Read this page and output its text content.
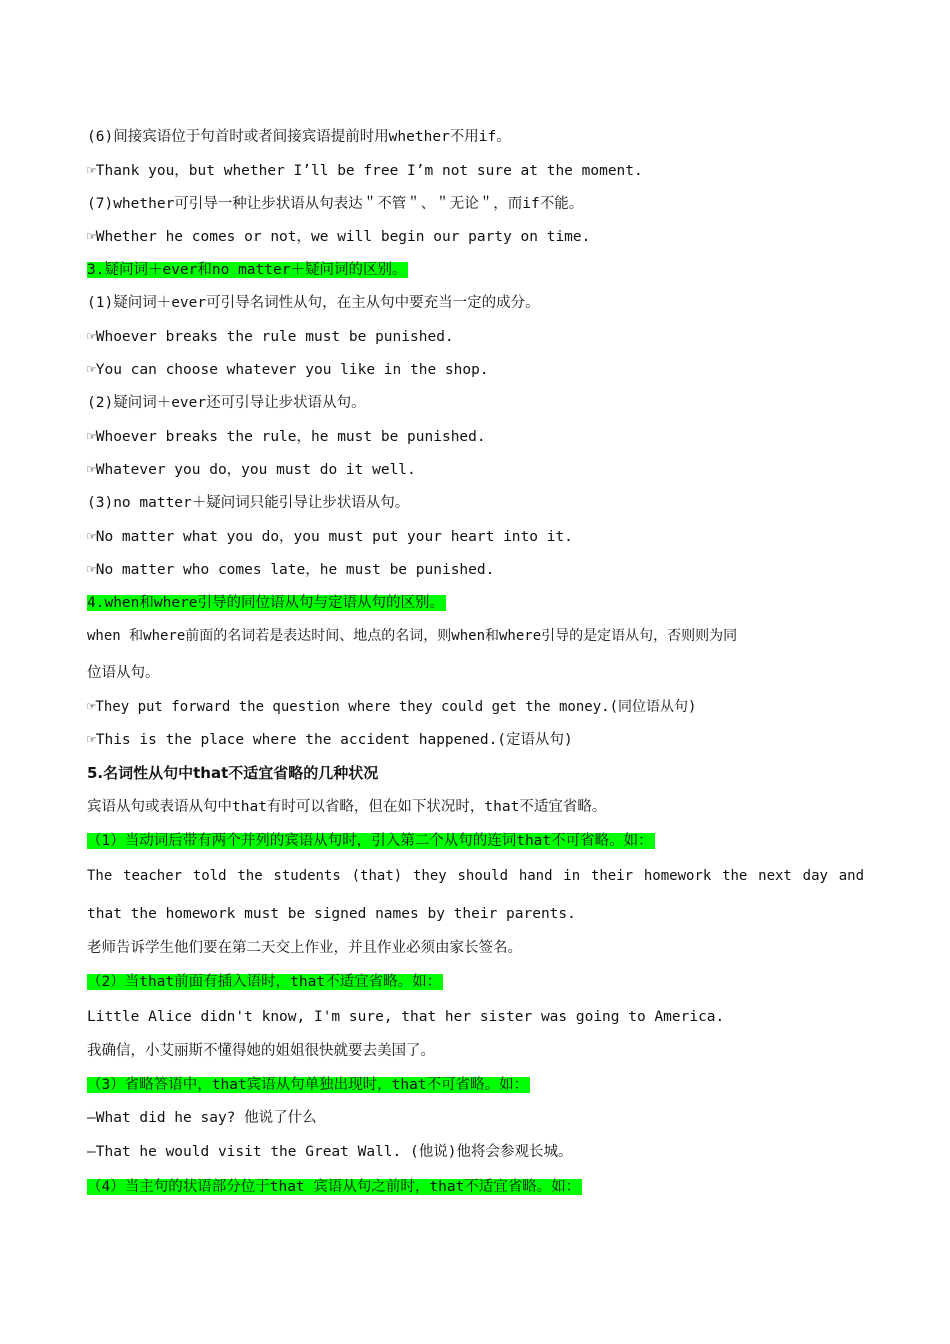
(6)间接宾语位于句首时或者间接宾语提前时用whether不用if。
☞Thank you，but whether I’ll be free I’m not sure at the moment.
(7)whether可引导一种让步状语从句表达＂不管＂、＂无论＂，而if不能。
☞Whether he comes or not，we will begin our party on time.
3.疑问词＋ever和no matter＋疑问词的区别。
(1)疑问词＋ever可引导名词性从句，在主从句中要充当一定的成分。
☞Whoever breaks the rule must be punished.
☞You can choose whatever you like in the shop.
(2)疑问词＋ever还可引导让步状语从句。
☞Whoever breaks the rule，he must be punished.
☞Whatever you do，you must do it well.
(3)no matter＋疑问词只能引导让步状语从句。
☞No matter what you do，you must put your heart into it.
☞No matter who comes late，he must be punished.
4.when和where引导的同位语从句与定语从句的区别。
when 和where前面的名词若是表达时间、地点的名词，则when和where引导的是定语从句，否则则为同
位语从句。
☞They put forward the question where they could get the money.(同位语从句)
☞This is the place where the accident happened.(定语从句)
5.名词性从句中that不适宜省略的几种状况
宾语从句或表语从句中that有时可以省略，但在如下状况时，that不适宜省略。
（1）当动词后带有两个并列的宾语从句时，引入第二个从句的连词that不可省略。如：
The teacher told the students (that) they should hand in their homework the next day and
that the homework must be signed names by their parents.
老师告诉学生他们要在第二天交上作业，并且作业必须由家长签名。
（2）当that前面有插入语时，that不适宜省略。如：
Little Alice didn't know, I'm sure, that her sister was going to America.
我确信，小艾丽斯不懂得她的姐姐很快就要去美国了。
（3）省略答语中，that宾语从句单独出现时，that不可省略。如：
—What did he say? 他说了什么
—That he would visit the Great Wall. (他说)他将会参观长城。
（4）当主句的状语部分位于that 宾语从句之前时，that不适宜省略。如：
